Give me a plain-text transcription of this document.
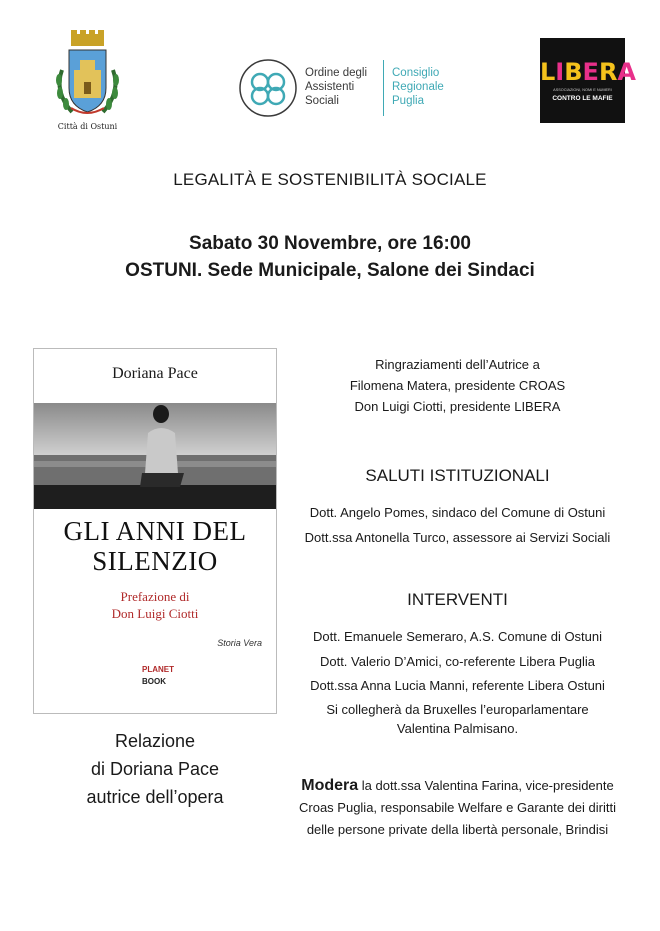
Città di Ostuni
Ordine degli
Assistenti
Sociali
Consiglio
Regionale
Puglia
LIBERA
ASSOCIAZIONI, NOMI E NUMERI
CONTRO LE MAFIE
LEGALITÀ E SOSTENIBILITÀ SOCIALE
Sabato 30 Novembre, ore 16:00
OSTUNI. Sede Municipale, Salone dei Sindaci
Doriana Pace
GLI ANNI DEL
SILENZIO
Prefazione di
Don Luigi Ciotti
Storia Vera
PLANET
BOOK
Relazione
di Doriana Pace
autrice dell’opera
Ringraziamenti dell’Autrice a
Filomena Matera, presidente CROAS
Don Luigi Ciotti, presidente LIBERA
SALUTI ISTITUZIONALI
Dott. Angelo Pomes, sindaco del Comune di Ostuni
Dott.ssa Antonella Turco, assessore ai Servizi Sociali
INTERVENTI
Dott. Emanuele Semeraro, A.S. Comune di Ostuni
Dott. Valerio D’Amici, co-referente Libera Puglia
Dott.ssa Anna Lucia Manni, referente Libera Ostuni
Si collegherà da Bruxelles l’europarlamentare
Valentina Palmisano.
Modera la dott.ssa Valentina Farina, vice-presidente
Croas Puglia, responsabile Welfare e Garante dei diritti
delle persone private della libertà personale, Brindisi
